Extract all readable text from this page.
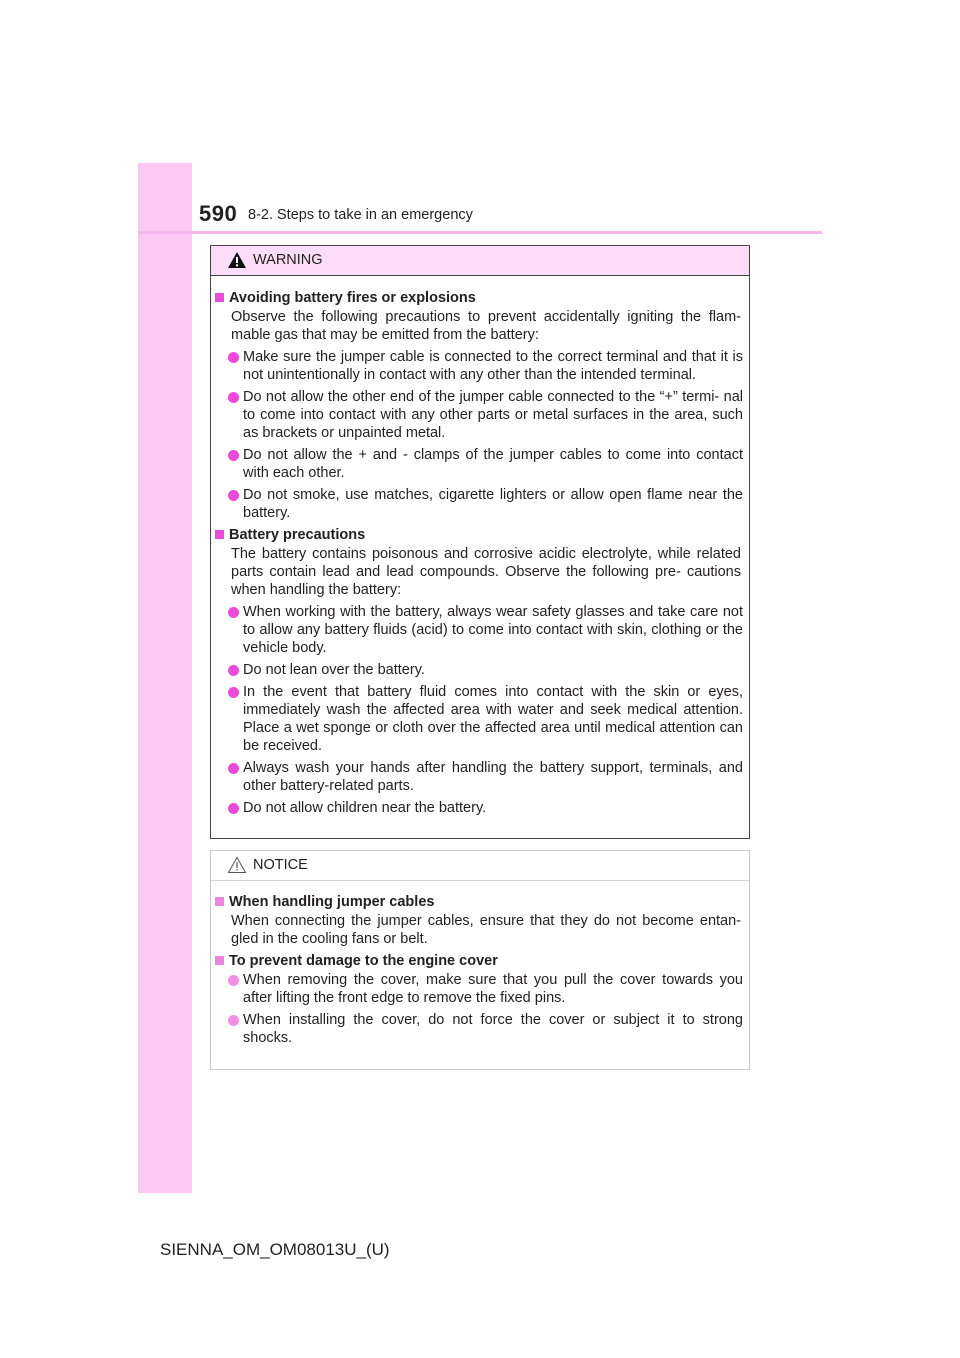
590 8-2. Steps to take in an emergency
WARNING
Avoiding battery fires or explosions
Observe the following precautions to prevent accidentally igniting the flam- mable gas that may be emitted from the battery:
Make sure the jumper cable is connected to the correct terminal and that it is not unintentionally in contact with any other than the intended terminal.
Do not allow the other end of the jumper cable connected to the “+” termi- nal to come into contact with any other parts or metal surfaces in the area, such as brackets or unpainted metal.
Do not allow the + and - clamps of the jumper cables to come into contact with each other.
Do not smoke, use matches, cigarette lighters or allow open flame near the battery.
Battery precautions
The battery contains poisonous and corrosive acidic electrolyte, while related parts contain lead and lead compounds. Observe the following pre- cautions when handling the battery:
When working with the battery, always wear safety glasses and take care not to allow any battery fluids (acid) to come into contact with skin, clothing or the vehicle body.
Do not lean over the battery.
In the event that battery fluid comes into contact with the skin or eyes, immediately wash the affected area with water and seek medical attention. Place a wet sponge or cloth over the affected area until medical attention can be received.
Always wash your hands after handling the battery support, terminals, and other battery-related parts.
Do not allow children near the battery.
NOTICE
When handling jumper cables
When connecting the jumper cables, ensure that they do not become entan- gled in the cooling fans or belt.
To prevent damage to the engine cover
When removing the cover, make sure that you pull the cover towards you after lifting the front edge to remove the fixed pins.
When installing the cover, do not force the cover or subject it to strong shocks.
SIENNA_OM_OM08013U_(U)
